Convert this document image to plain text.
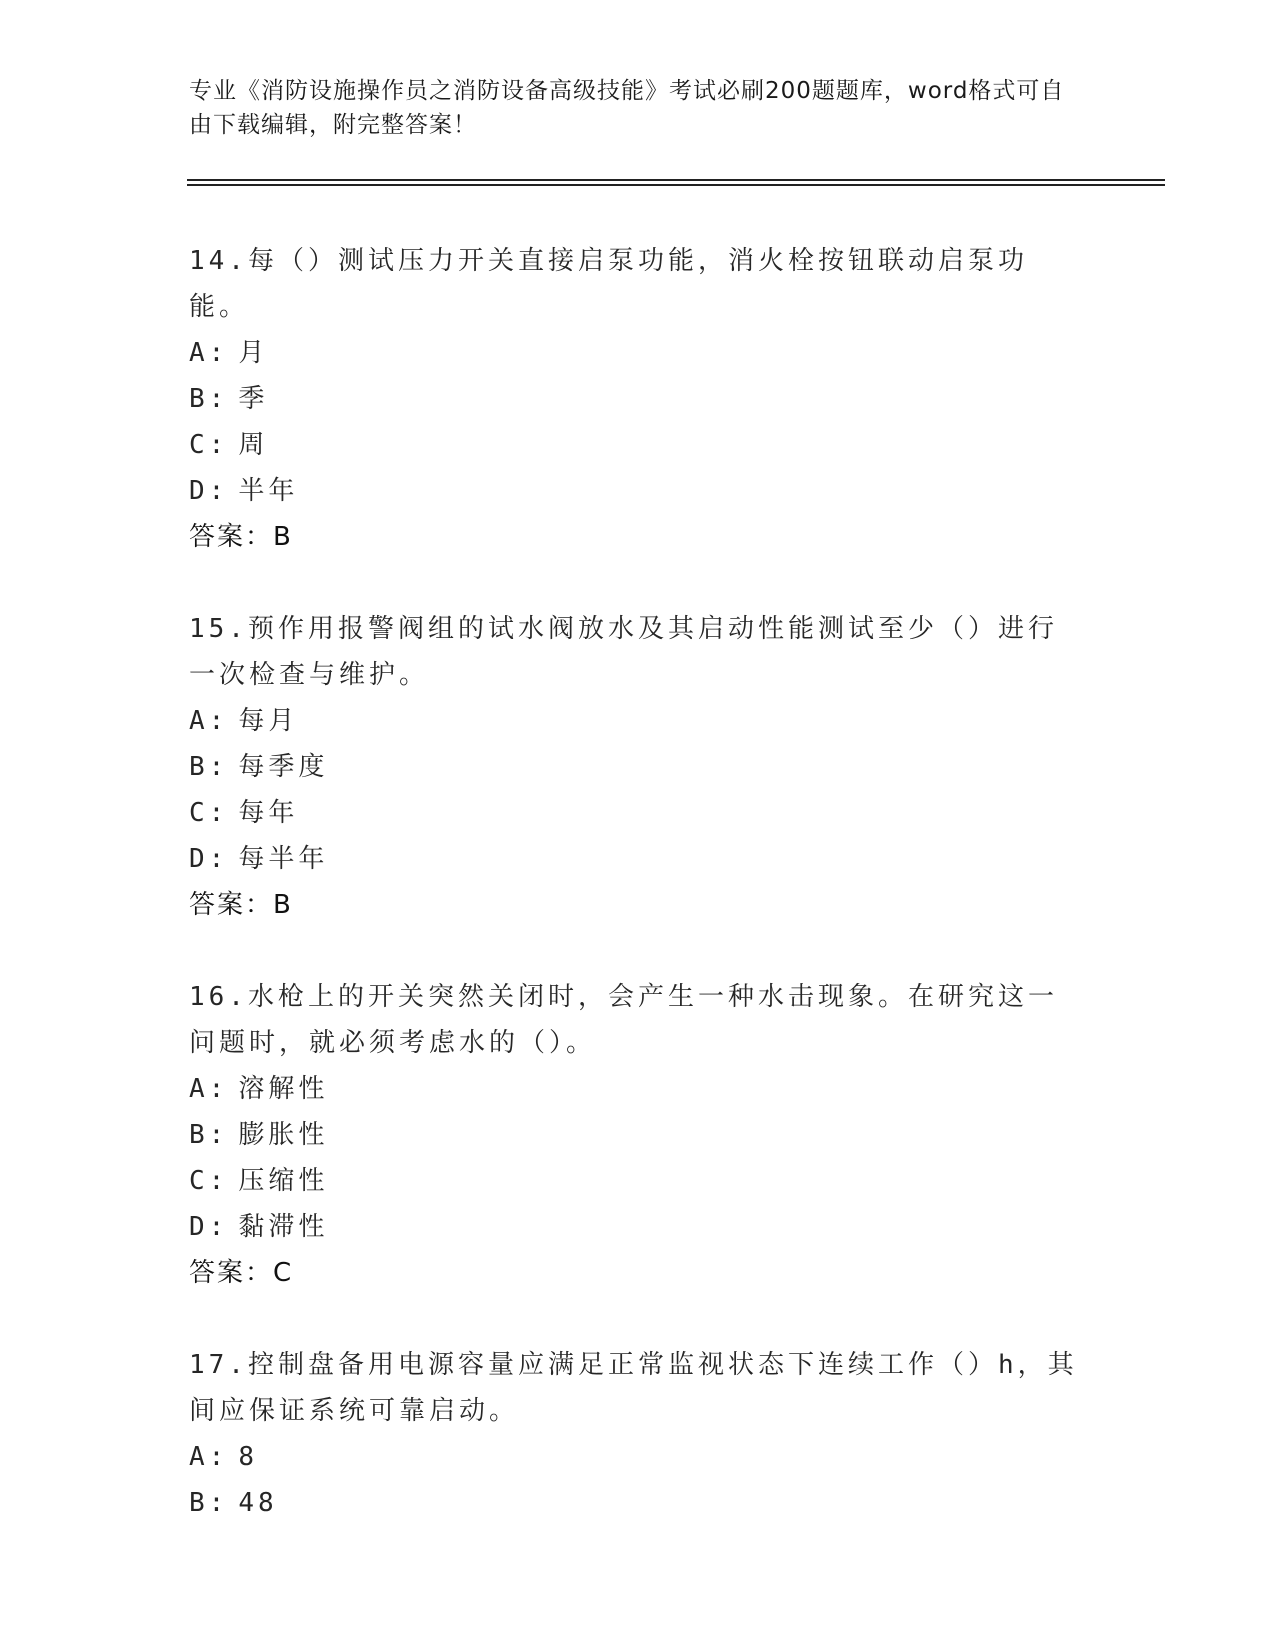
专业《消防设施操作员之消防设备高级技能》考试必刷200题题库，word格式可自由下载编辑，附完整答案！
14.每（）测试压力开关直接启泵功能，消火栓按钮联动启泵功能。
A: 月
B: 季
C: 周
D: 半年
答案：B
15.预作用报警阀组的试水阀放水及其启动性能测试至少（）进行一次检查与维护。
A: 每月
B: 每季度
C: 每年
D: 每半年
答案：B
16.水枪上的开关突然关闭时，会产生一种水击现象。在研究这一问题时，就必须考虑水的（）。
A: 溶解性
B: 膨胀性
C: 压缩性
D: 黏滞性
答案：C
17.控制盘备用电源容量应满足正常监视状态下连续工作（）h，其间应保证系统可靠启动。
A: 8
B: 48
